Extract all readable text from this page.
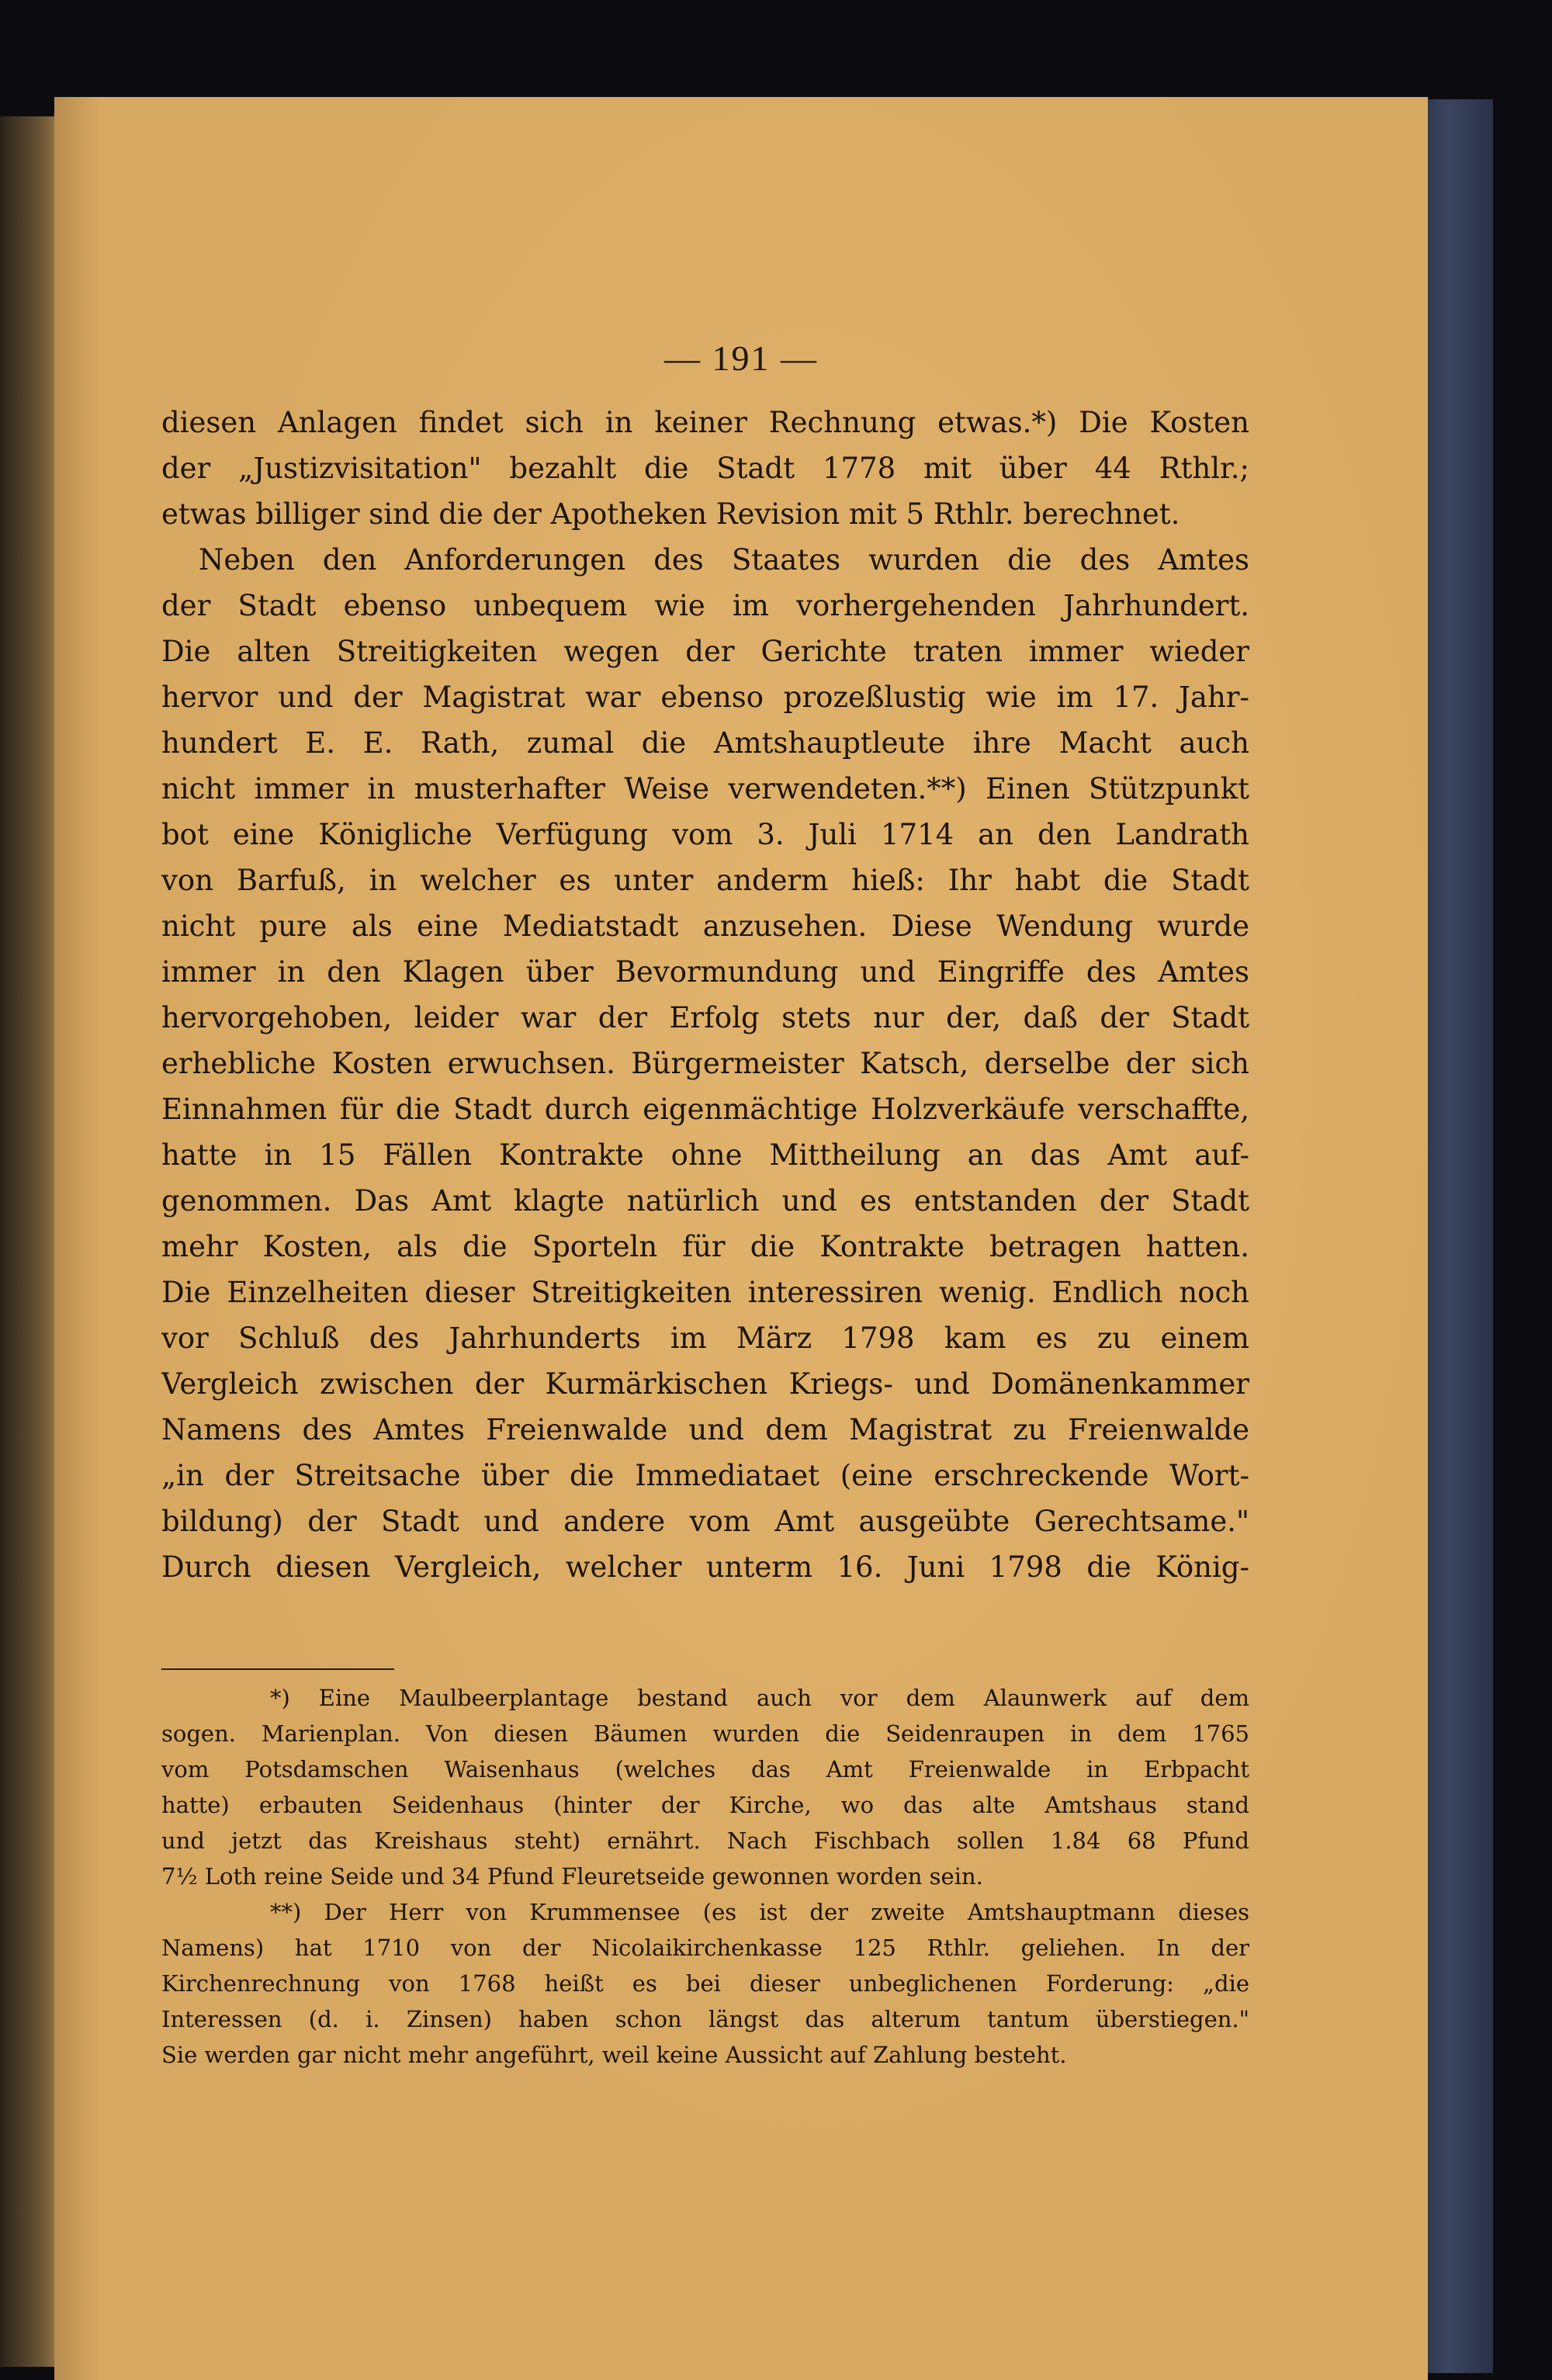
— 191 —
diesen Anlagen findet sich in keiner Rechnung etwas.*) Die Kosten
der „Justizvisitation" bezahlt die Stadt 1778 mit über 44 Rthlr.;
etwas billiger sind die der Apotheken Revision mit 5 Rthlr. berechnet.
Neben den Anforderungen des Staates wurden die des Amtes
der Stadt ebenso unbequem wie im vorhergehenden Jahrhundert.
Die alten Streitigkeiten wegen der Gerichte traten immer wieder
hervor und der Magistrat war ebenso prozeßlustig wie im 17. Jahr-
hundert E. E. Rath, zumal die Amtshauptleute ihre Macht auch
nicht immer in musterhafter Weise verwendeten.**) Einen Stützpunkt
bot eine Königliche Verfügung vom 3. Juli 1714 an den Landrath
von Barfuß, in welcher es unter anderm hieß: Ihr habt die Stadt
nicht pure als eine Mediatstadt anzusehen. Diese Wendung wurde
immer in den Klagen über Bevormundung und Eingriffe des Amtes
hervorgehoben, leider war der Erfolg stets nur der, daß der Stadt
erhebliche Kosten erwuchsen. Bürgermeister Katsch, derselbe der sich
Einnahmen für die Stadt durch eigenmächtige Holzverkäufe verschaffte,
hatte in 15 Fällen Kontrakte ohne Mittheilung an das Amt auf-
genommen. Das Amt klagte natürlich und es entstanden der Stadt
mehr Kosten, als die Sporteln für die Kontrakte betragen hatten.
Die Einzelheiten dieser Streitigkeiten interessiren wenig. Endlich noch
vor Schluß des Jahrhunderts im März 1798 kam es zu einem
Vergleich zwischen der Kurmärkischen Kriegs- und Domänenkammer
Namens des Amtes Freienwalde und dem Magistrat zu Freienwalde
„in der Streitsache über die Immediataet (eine erschreckende Wort-
bildung) der Stadt und andere vom Amt ausgeübte Gerechtsame."
Durch diesen Vergleich, welcher unterm 16. Juni 1798 die König-
*) Eine Maulbeerplantage bestand auch vor dem Alaunwerk auf dem
sogen. Marienplan. Von diesen Bäumen wurden die Seidenraupen in dem 1765
vom Potsdamschen Waisenhaus (welches das Amt Freienwalde in Erbpacht
hatte) erbauten Seidenhaus (hinter der Kirche, wo das alte Amtshaus stand
und jetzt das Kreishaus steht) ernährt. Nach Fischbach sollen 1.84 68 Pfund
7½ Loth reine Seide und 34 Pfund Fleuretseide gewonnen worden sein.
**) Der Herr von Krummensee (es ist der zweite Amtshauptmann dieses
Namens) hat 1710 von der Nicolaikirchenkasse 125 Rthlr. geliehen. In der
Kirchenrechnung von 1768 heißt es bei dieser unbeglichenen Forderung: „die
Interessen (d. i. Zinsen) haben schon längst das alterum tantum überstiegen."
Sie werden gar nicht mehr angeführt, weil keine Aussicht auf Zahlung besteht.
